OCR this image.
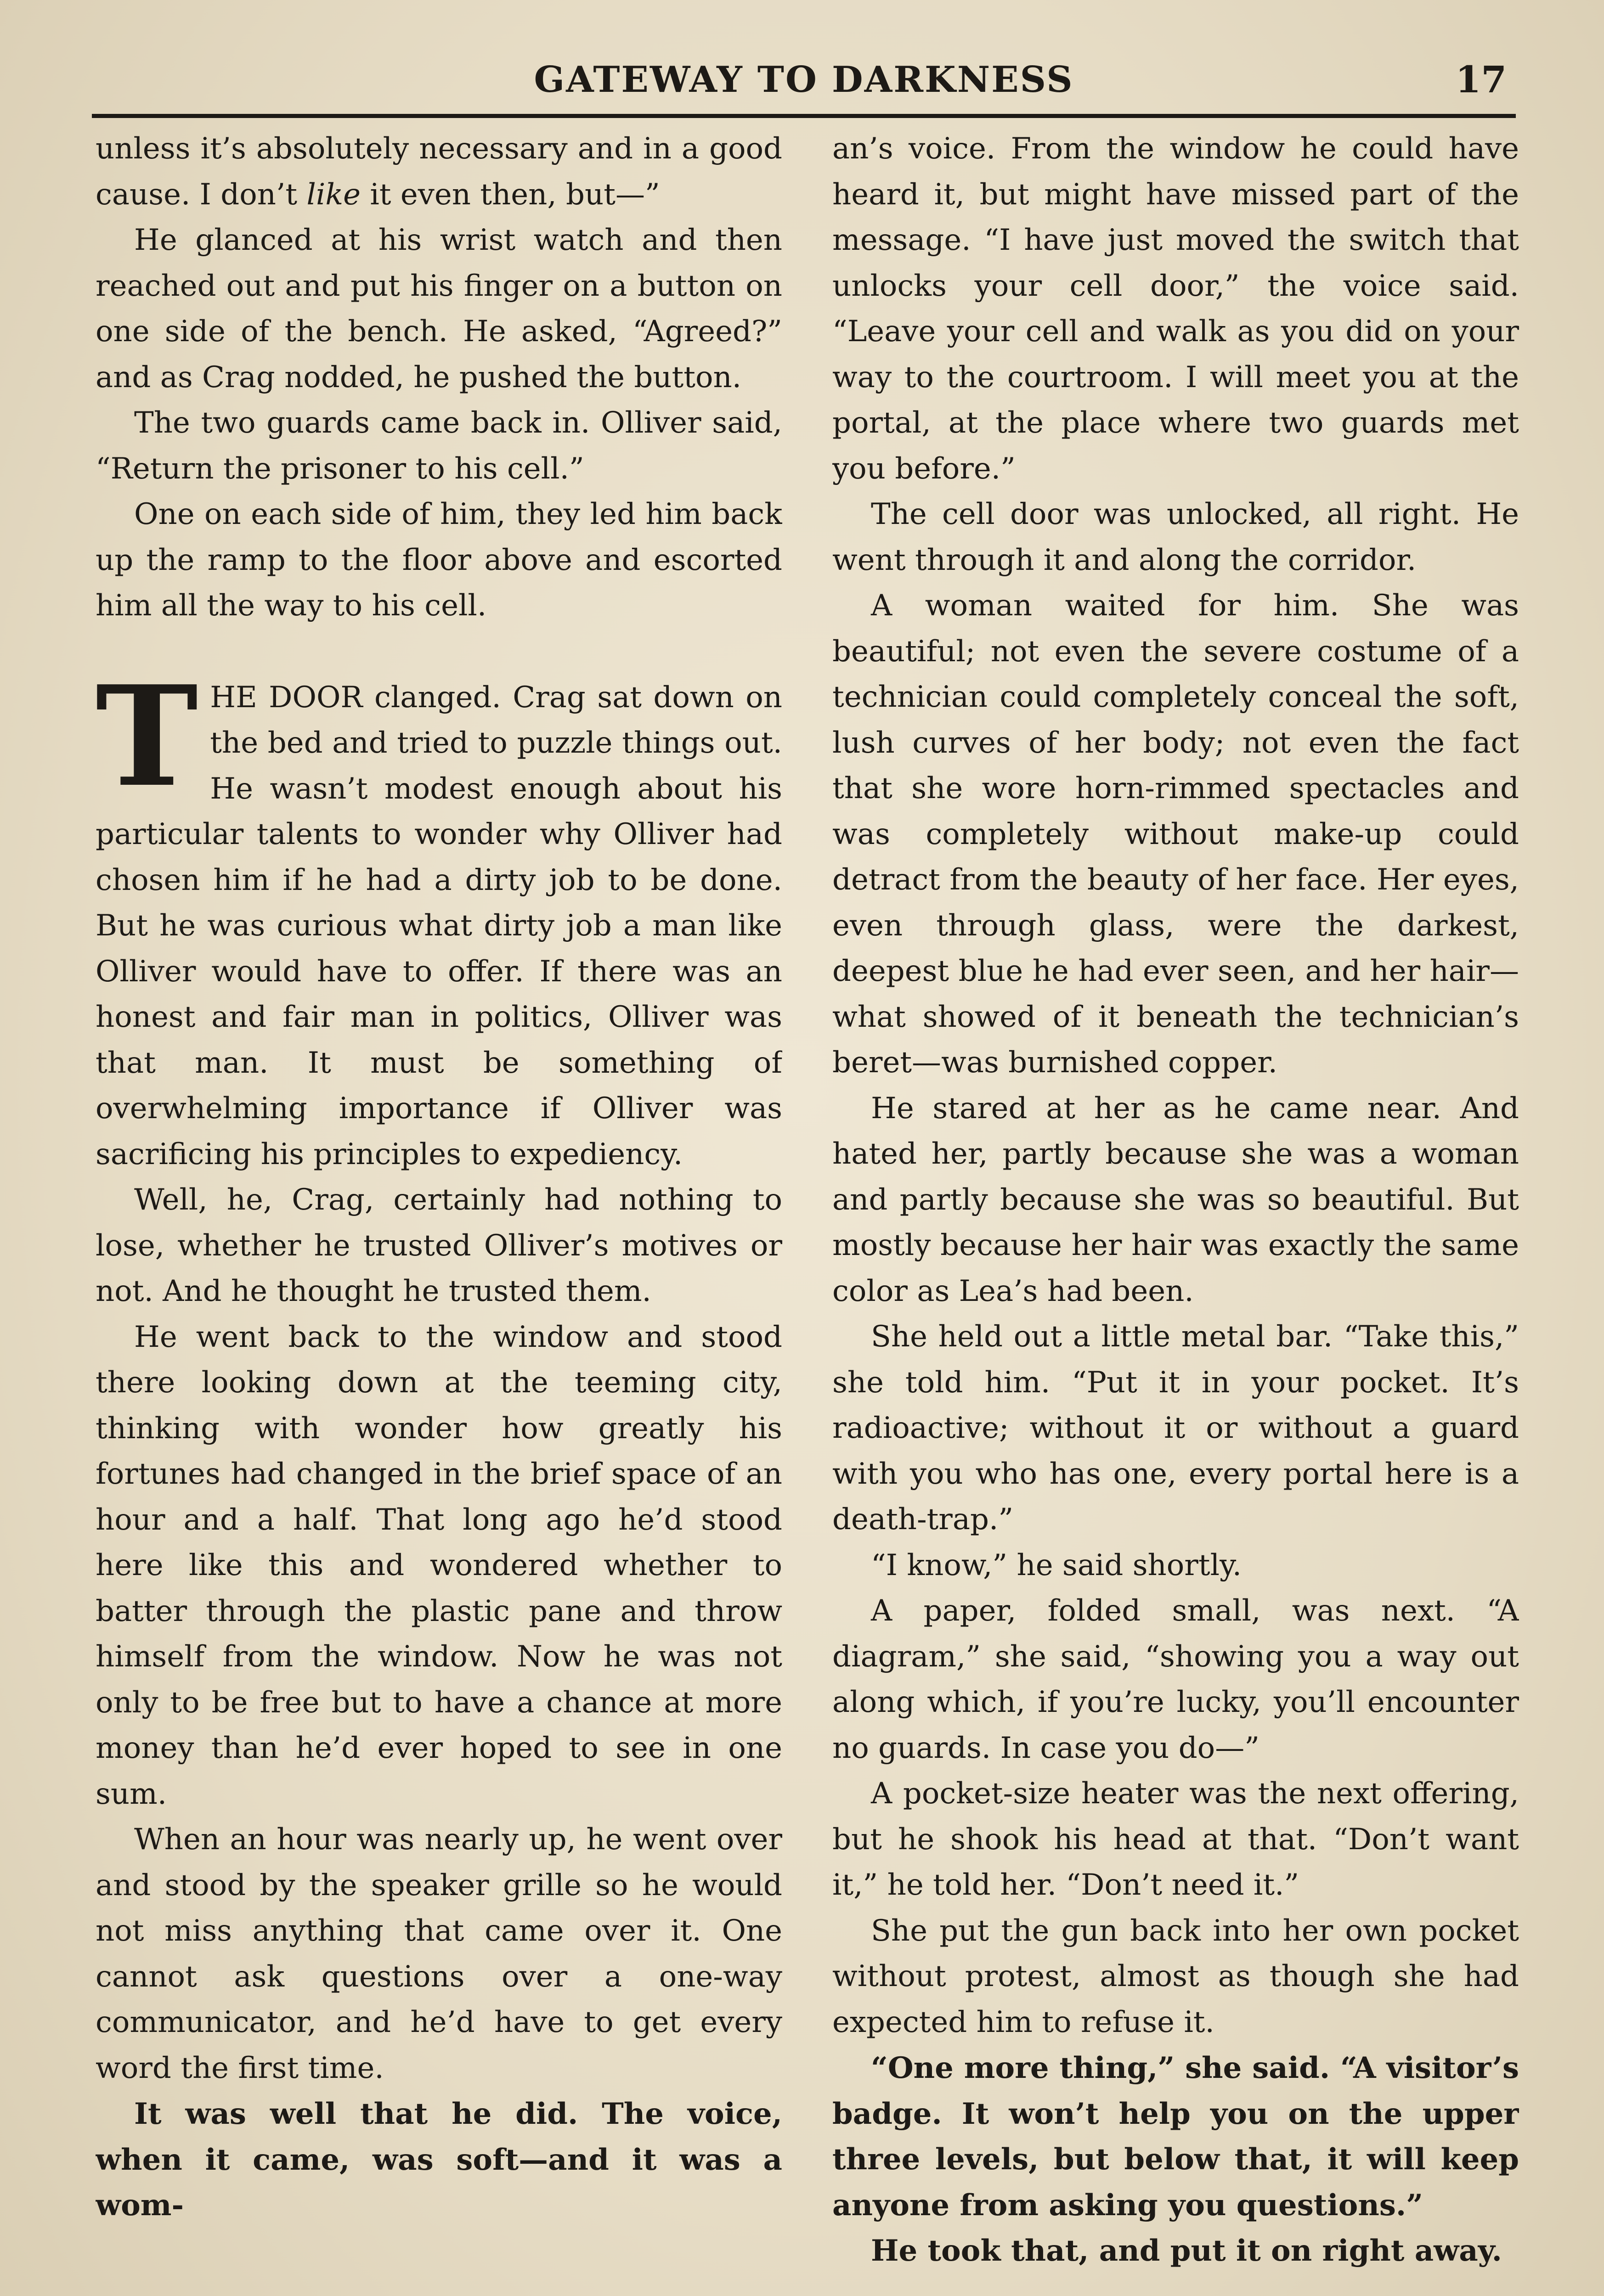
GATEWAY TO DARKNESS	17

unless it’s absolutely necessary and in a good cause. I don’t like it even then, but—”

He glanced at his wrist watch and then reached out and put his finger on a button on one side of the bench. He asked, “Agreed?” and as Crag nodded, he pushed the button.

The two guards came back in. Olliver said, “Return the prisoner to his cell.”

One on each side of him, they led him back up the ramp to the floor above and escorted him all the way to his cell.

THE DOOR clanged. Crag sat down on the bed and tried to puzzle things out. He wasn’t modest enough about his particular talents to wonder why Olliver had chosen him if he had a dirty job to be done. But he was curious what dirty job a man like Olliver would have to offer. If there was an honest and fair man in politics, Olliver was that man. It must be something of overwhelming importance if Olliver was sacrificing his principles to expediency.

Well, he, Crag, certainly had nothing to lose, whether he trusted Olliver’s motives or not. And he thought he trusted them.

He went back to the window and stood there looking down at the teeming city, thinking with wonder how greatly his fortunes had changed in the brief space of an hour and a half. That long ago he’d stood here like this and wondered whether to batter through the plastic pane and throw himself from the window. Now he was not only to be free but to have a chance at more money than he’d ever hoped to see in one sum.

When an hour was nearly up, he went over and stood by the speaker grille so he would not miss anything that came over it. One cannot ask questions over a one-way communicator, and he’d have to get every word the first time.

It was well that he did. The voice, when it came, was soft—and it was a wom-

an’s voice. From the window he could have heard it, but might have missed part of the message. “I have just moved the switch that unlocks your cell door,” the voice said. “Leave your cell and walk as you did on your way to the courtroom. I will meet you at the portal, at the place where two guards met you before.”

The cell door was unlocked, all right. He went through it and along the corridor.

A woman waited for him. She was beautiful; not even the severe costume of a technician could completely conceal the soft, lush curves of her body; not even the fact that she wore horn-rimmed spectacles and was completely without make-up could detract from the beauty of her face. Her eyes, even through glass, were the darkest, deepest blue he had ever seen, and her hair—what showed of it beneath the technician’s beret—was burnished copper.

He stared at her as he came near. And hated her, partly because she was a woman and partly because she was so beautiful. But mostly because her hair was exactly the same color as Lea’s had been.

She held out a little metal bar. “Take this,” she told him. “Put it in your pocket. It’s radioactive; without it or without a guard with you who has one, every portal here is a death-trap.”

“I know,” he said shortly.

A paper, folded small, was next. “A diagram,” she said, “showing you a way out along which, if you’re lucky, you’ll encounter no guards. In case you do—”

A pocket-size heater was the next offering, but he shook his head at that. “Don’t want it,” he told her. “Don’t need it.”

She put the gun back into her own pocket without protest, almost as though she had expected him to refuse it.

“One more thing,” she said. “A visitor’s badge. It won’t help you on the upper three levels, but below that, it will keep anyone from asking you questions.”

He took that, and put it on right away.
